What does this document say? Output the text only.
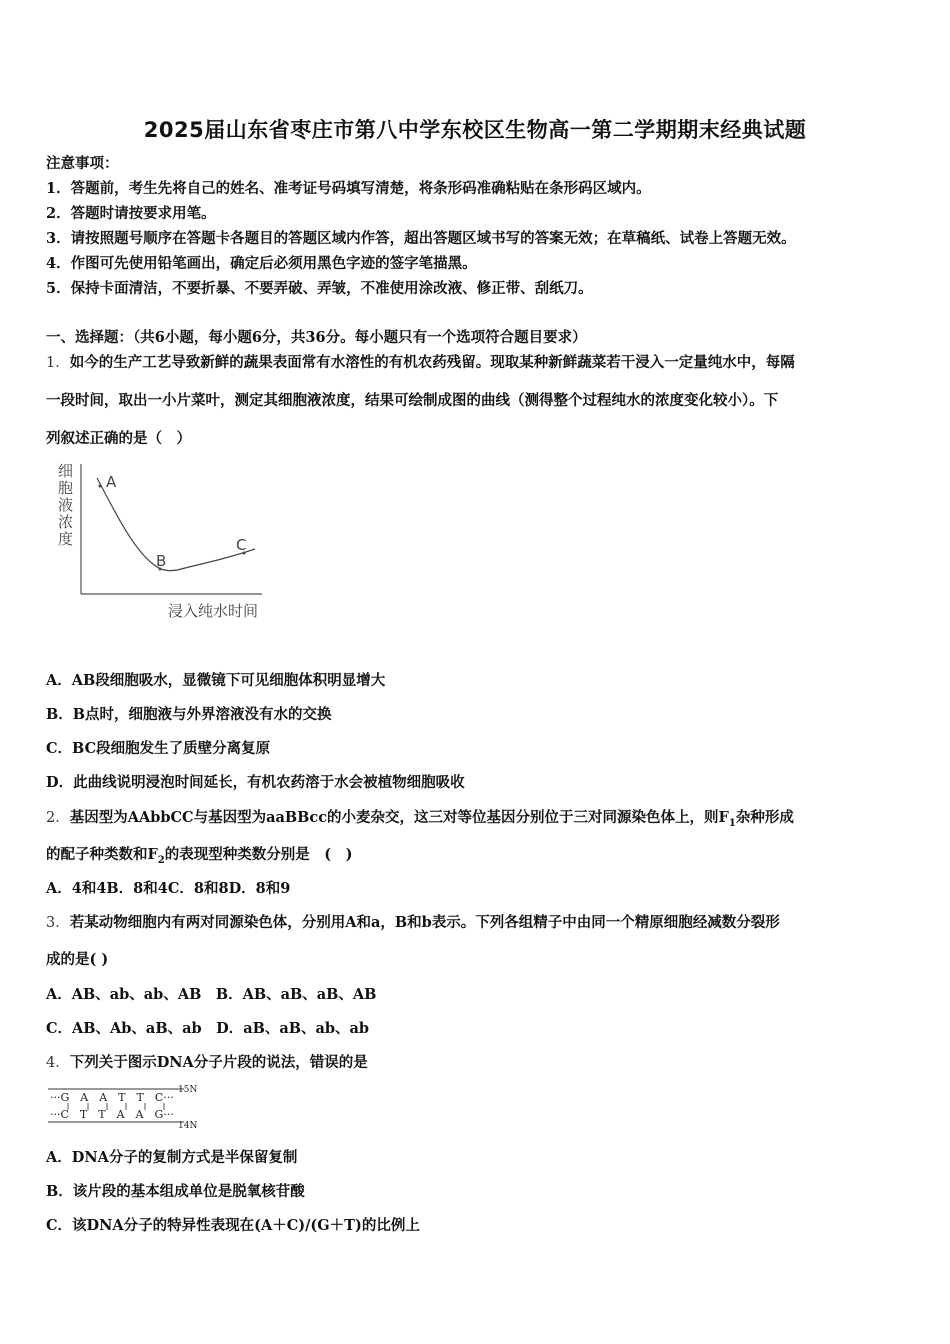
2025届山东省枣庄市第八中学东校区生物高一第二学期期末经典试题
注意事项：
1．答题前，考生先将自己的姓名、准考证号码填写清楚，将条形码准确粘贴在条形码区域内。
2．答题时请按要求用笔。
3．请按照题号顺序在答题卡各题目的答题区域内作答，超出答题区域书写的答案无效；在草稿纸、试卷上答题无效。
4．作图可先使用铅笔画出，确定后必须用黑色字迹的签字笔描黑。
5．保持卡面清洁，不要折暴、不要弄破、弄皱，不准使用涂改液、修正带、刮纸刀。
一、选择题：（共6小题，每小题6分，共36分。每小题只有一个选项符合题目要求）
1．如今的生产工艺导致新鲜的蔬果表面常有水溶性的有机农药残留。现取某种新鲜蔬菜若干浸入一定量纯水中，每隔
一段时间，取出一小片菜叶，测定其细胞液浓度，结果可绘制成图的曲线（测得整个过程纯水的浓度变化较小）。下
列叙述正确的是（　）
细
胞
液
浓
度
A
B
C
浸入纯水时间
A．AB段细胞吸水，显微镜下可见细胞体积明显增大
B．B点时，细胞液与外界溶液没有水的交换
C．BC段细胞发生了质壁分离复原
D．此曲线说明浸泡时间延长，有机农药溶于水会被植物细胞吸收
2．基因型为AAbbCC与基因型为aaBBcc的小麦杂交，这三对等位基因分别位于三对同源染色体上，则$F_1$杂种形成
的配子种类数和$F_2$的表现型种类数分别是　(　)
A．4和4B．8和4C．8和8D．8和9
3．若某动物细胞内有两对同源染色体，分别用A和a，B和b表示。下列各组精子中由同一个精原细胞经减数分裂形
成的是( )
A．AB、ab、ab、AB　B．AB、aB、aB、AB
C．AB、Ab、aB、ab　D．aB、aB、ab、ab
4．下列关于图示DNA分子片段的说法，错误的是
···G　A　A　T　T　C···
···C　T　T　A　A　G···
15N
14N
A．DNA分子的复制方式是半保留复制
B．该片段的基本组成单位是脱氧核苷酸
C．该DNA分子的特异性表现在(A＋C)/(G＋T)的比例上
